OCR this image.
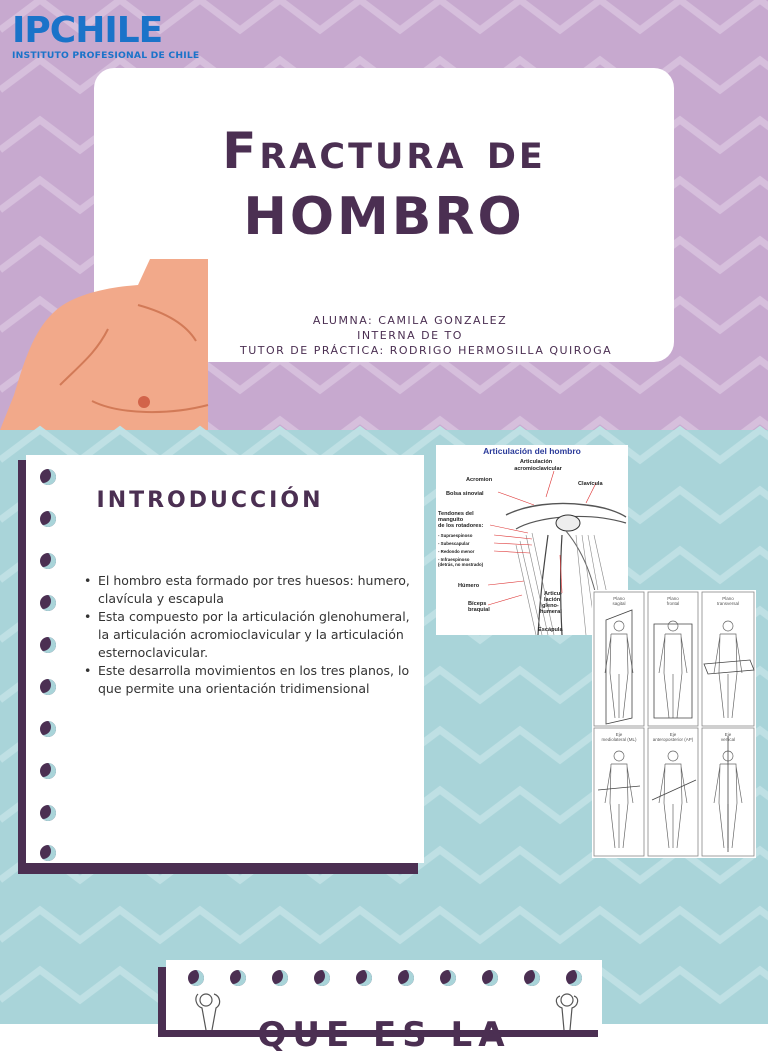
IPCHILE
INSTITUTO PROFESIONAL DE CHILE
Fractura de
HOMBRO
ALUMNA: CAMILA GONZALEZ
INTERNA DE TO
TUTOR DE PRÁCTICA: RODRIGO HERMOSILLA QUIROGA
INTRODUCCIÓN
• El hombro esta formado por tres huesos: humero, clavícula y escapula
• Esta compuesto por la articulación glenohumeral, la articulación acromioclavicular y la articulación esternoclavicular.
• Este desarrolla movimientos en los tres planos, lo que permite una orientación tridimensional
Articulación del hombro
Articulación acromioclavicular
Acromion
Clavícula
Bolsa sinovial
Tendones del manguito de los rotadores:
- Supraespinoso
- Subescapular
- Redondo menor
- Infraespinoso (detrás, no mostrado)
Húmero
Bíceps braquial
Articu-lación gleno-humeral
Escápula
Plano sagital
Plano frontal
Plano transversal
Eje mediolateral (ML)
Eje anteroposterior (AP)
Eje vertical
QUE ES LA
